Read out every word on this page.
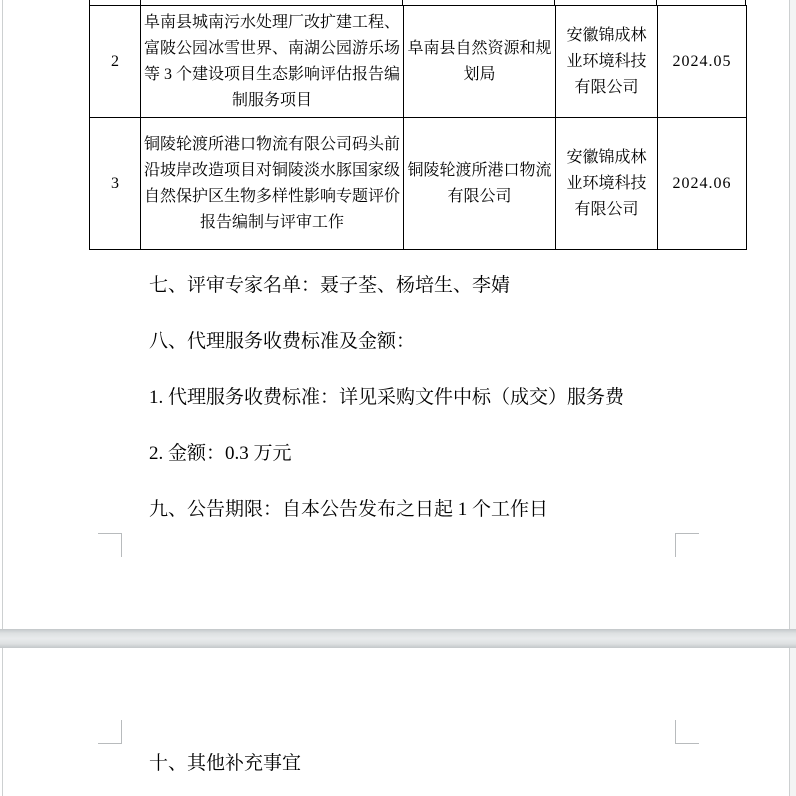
2	阜南县城南污水处理厂改扩建工程、富陂公园冰雪世界、南湖公园游乐场等 3 个建设项目生态影响评估报告编制服务项目	阜南县自然资源和规划局	安徽锦成林业环境科技有限公司	2024.05
3	铜陵轮渡所港口物流有限公司码头前沿坡岸改造项目对铜陵淡水豚国家级自然保护区生物多样性影响专题评价报告编制与评审工作	铜陵轮渡所港口物流有限公司	安徽锦成林业环境科技有限公司	2024.06
七、评审专家名单：聂子荃、杨培生、李婧
八、代理服务收费标准及金额：
1. 代理服务收费标准：详见采购文件中标（成交）服务费
2. 金额：0.3 万元
九、公告期限：自本公告发布之日起 1 个工作日
十、其他补充事宜
